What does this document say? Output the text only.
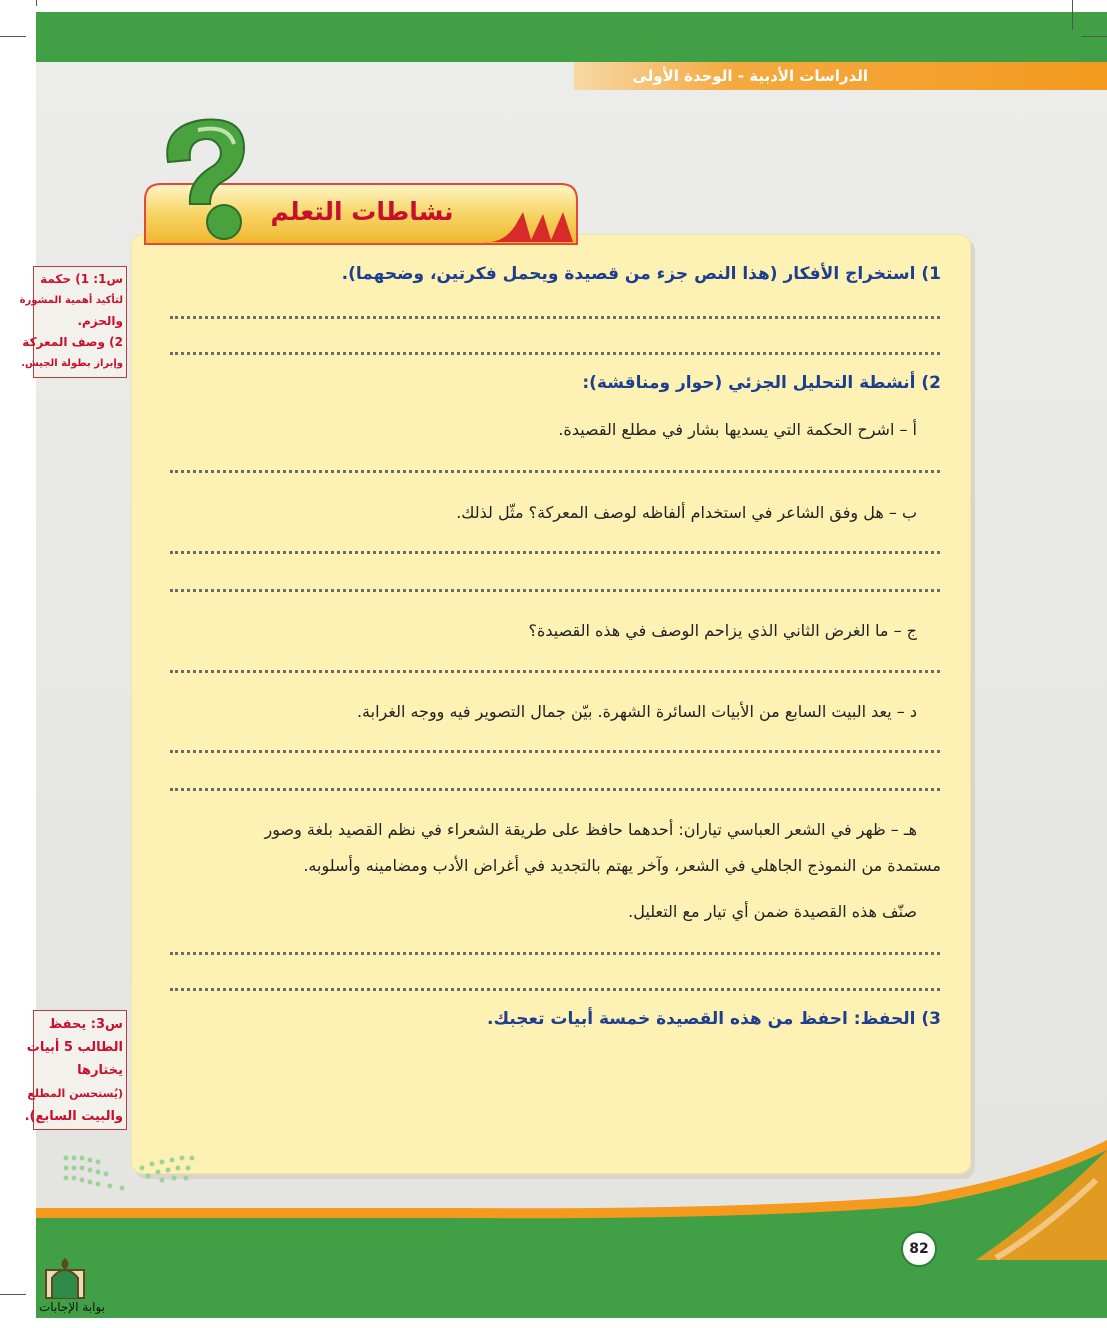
الدراسات الأدبية - الوحدة الأولى
نشاطات التعلم
1) استخراج الأفكار (هذا النص جزء من قصيدة ويحمل فكرتين، وضحهما).
2) أنشطة التحليل الجزئي (حوار ومناقشة):
أ – اشرح الحكمة التي يسديها بشار في مطلع القصيدة.
ب – هل وفق الشاعر في استخدام ألفاظه لوصف المعركة؟ مثّل لذلك.
ج – ما الغرض الثاني الذي يزاحم الوصف في هذه القصيدة؟
د – يعد البيت السابع من الأبيات السائرة الشهرة. بيّن جمال التصوير فيه ووجه الغرابة.
هـ – ظهر في الشعر العباسي تياران: أحدهما حافظ على طريقة الشعراء في نظم القصيد بلغة وصور
مستمدة من النموذج الجاهلي في الشعر، وآخر يهتم بالتجديد في أغراض الأدب ومضامينه وأسلوبه.
صنّف هذه القصيدة ضمن أي تيار مع التعليل.
3) الحفظ: احفظ من هذه القصيدة خمسة أبيات تعجبك.
س1: 1) حكمة
لتأكيد أهمية المشورة
والحزم.
2) وصف المعركة
وإبراز بطولة الجيش.
س3: يحفظ
الطالب 5 أبيات
يختارها
(يُستحسن المطلع
والبيت السابع).
82
بوابة الإجابات
